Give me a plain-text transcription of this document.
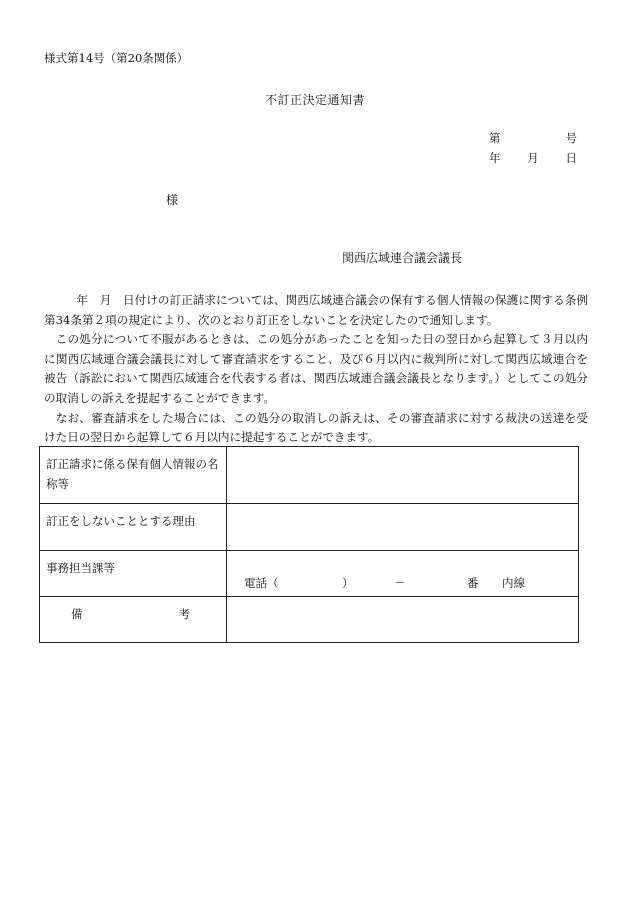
様式第14号（第20条関係）
不訂正決定通知書
第	号
年 月 日
様
関西広域連合議会議長

年　月　日付けの訂正請求については、関西広域連合議会の保有する個人情報の保護に関する条例第34条第２項の規定により、次のとおり訂正をしないことを決定したので通知します。

この処分について不服があるときは、この処分があったことを知った日の翌日から起算して３月以内に関西広域連合議会議長に対して審査請求をすること、及び６月以内に裁判所に対して関西広域連合を被告（訴訟において関西広域連合を代表する者は、関西広域連合議会議長となります。）としてこの処分の取消しの訴えを提起することができます。

なお、審査請求をした場合には、この処分の取消しの訴えは、その審査請求に対する裁決の送達を受けた日の翌日から起算して６月以内に提起することができます。

訂正請求に係る保有個人情報の名称等	
訂正をしないこととする理由	
事務担当課等	電話（ ） － 番 内線

備 考	
